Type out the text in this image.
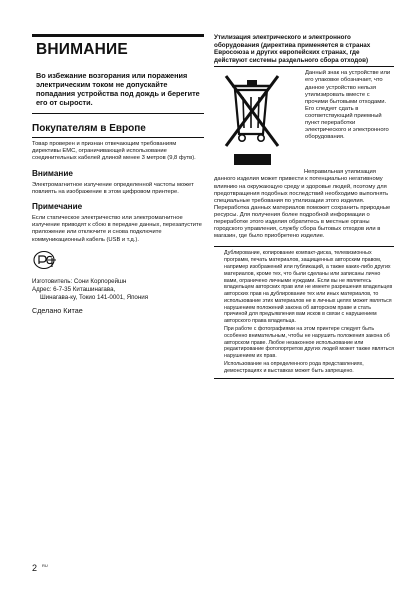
ВНИМАНИЕ
Во избежание возгорания или поражения электрическим током не допускайте попадания устройства под дождь и берегите его от сырости.
Покупателям в Европе
Товар проверен и признан отвечающим требованиям директивы ЕМС, ограничивающей использование соединительных кабелей длиной менее 3 метров (9,8 футв).
Внимание
Электромагнитное излучение определенной частоты может повлиять на изображение в этом цифровом принтере.
Примечание
Если статическое электричество или электромагнитное излучение приводят к сбою в передаче данных, перезапустите приложение или отключите и снова подключите коммуникационный кабель (USB и т.д.).
Изготовитель: Сони Корпорейшн
Адрес: 6-7-35 Киташинагава,
Шинагава-ку, Токио 141-0001, Япония
Сделано Китае
Утилизация электрического и электронного оборудования (директива применяется в странах Евросоюза и других европейских странах, где действуют системы раздельного сбора отходов)
Данный знак на устройстве или его упаковке обозначает, что данное устройство нельзя утилизировать вместе с прочими бытовыми отходами. Его следует сдать в соответствующий приемный пункт переработки электрического и электронного оборудования.
Неправильная утилизация данного изделия может привести к потенциально негативному влиянию на окружающую среду и здоровье людей, поэтому для предотвращения подобных последствий необходимо выполнять специальные требования по утилизации этого изделия. Переработка данных материалов поможет сохранить природные ресурсы. Для получения более подробной информации о переработке этого изделия обратитесь в местные органы городского управления, службу сбора бытовых отходов или в магазин, где было приобретено изделие.

Дублирование, копирование компакт-диска, телевизионных программ, печать материалов, защищенных авторским правом, например изображений или публикаций, а также каких-либо других материалов, кроме тех, что были сделаны или записаны лично вами, ограничено личными нуждами. Если вы не являетесь владельцем авторских прав или не имеете разрешения владельцев авторских прав на дублирование тех или иных материалов, то использование этих материалов не в личных целях может являться нарушением положений закона об авторском праве и стать причиной для предъявления вам исков в связи с нарушением авторского права владельца.

При работе с фотографиями на этом принтере следует быть особенно внимательным, чтобы не нарушить положения закона об авторском праве. Любое незаконное использование или редактирование фотопортретов других людей может также являться нарушением их прав.

Использование на определенного рода представлениях, демонстрациях и выставках может быть запрещено.

2 RU
